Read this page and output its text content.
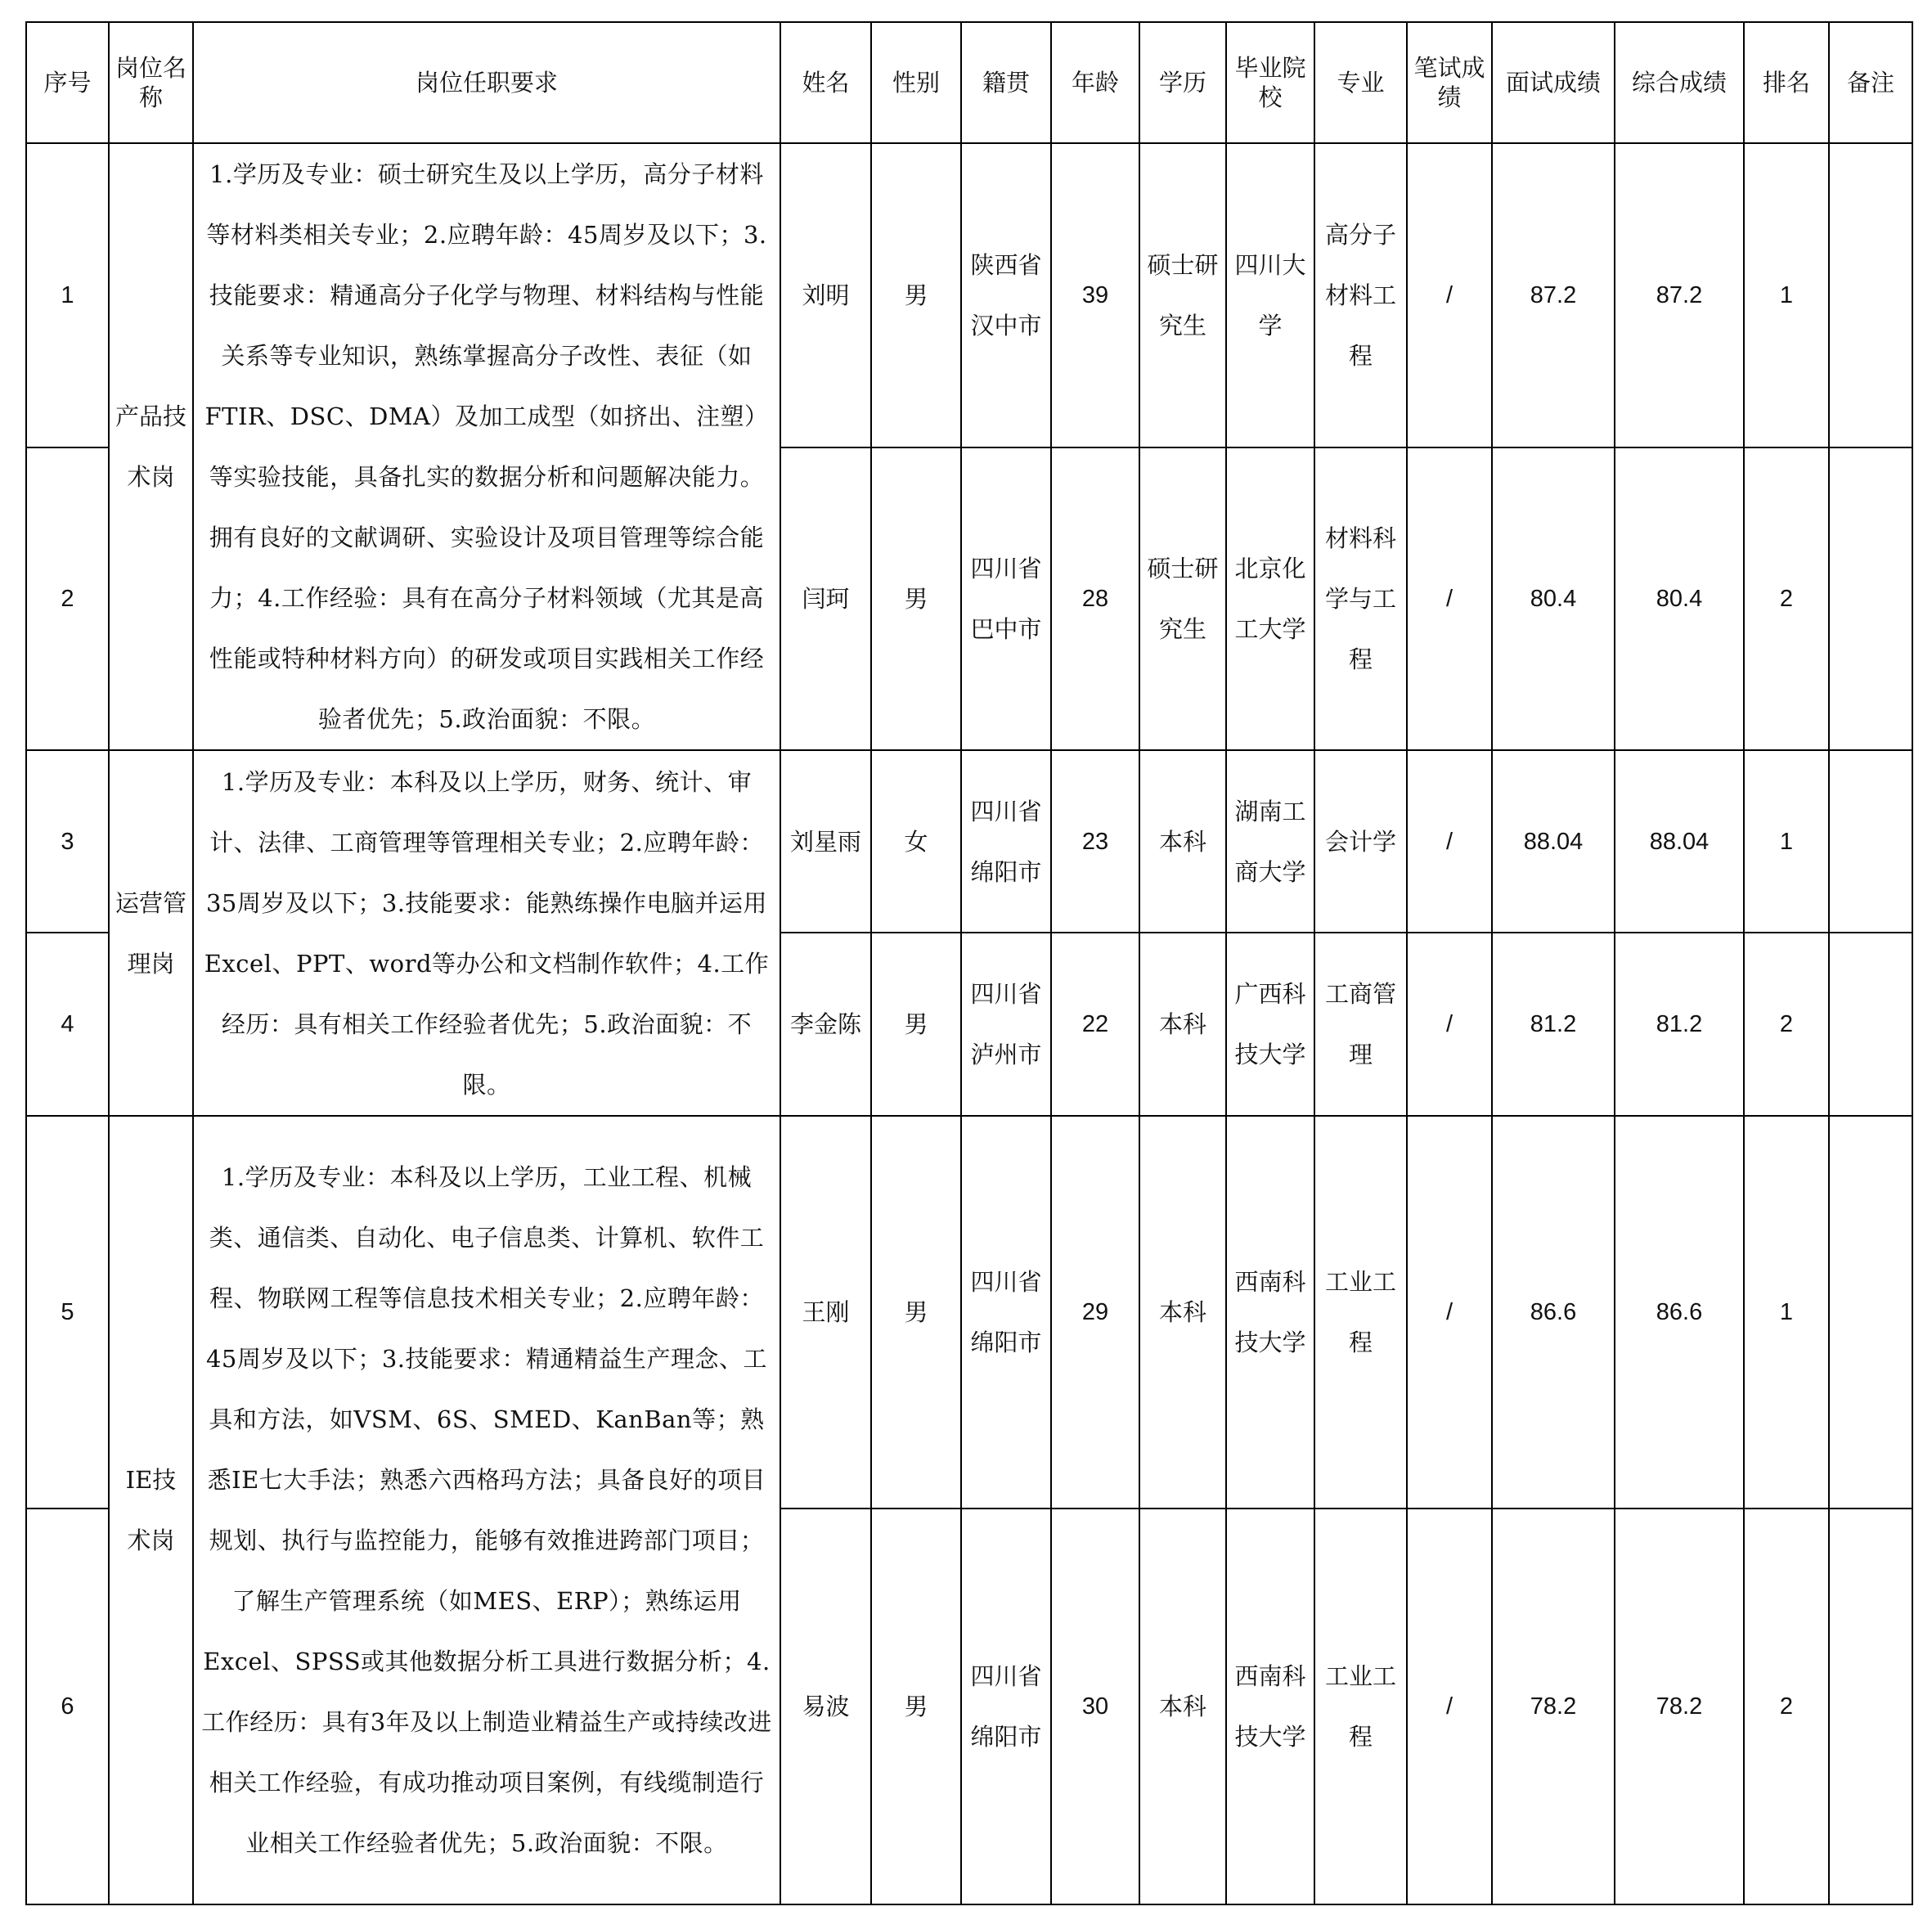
序号	岗位名称	岗位任职要求	姓名	性别	籍贯	年龄	学历	毕业院校	专业	笔试成绩	面试成绩	综合成绩	排名	备注
1	产品技术岗	1.学历及专业：硕士研究生及以上学历，高分子材料等材料类相关专业；2.应聘年龄：45周岁及以下；3.技能要求：精通高分子化学与物理、材料结构与性能关系等专业知识，熟练掌握高分子改性、表征（如FTIR、DSC、DMA）及加工成型（如挤出、注塑）等实验技能，具备扎实的数据分析和问题解决能力。拥有良好的文献调研、实验设计及项目管理等综合能力；4.工作经验：具有在高分子材料领域（尤其是高性能或特种材料方向）的研发或项目实践相关工作经验者优先；5.政治面貌：不限。	刘明	男	陕西省汉中市	39	硕士研究生	四川大学	高分子材料工程	/	87.2	87.2	1	
2			闫珂	男	四川省巴中市	28	硕士研究生	北京化工大学	材料科学与工程	/	80.4	80.4	2	
3	运营管理岗	1.学历及专业：本科及以上学历，财务、统计、审计、法律、工商管理等管理相关专业；2.应聘年龄：35周岁及以下；3.技能要求：能熟练操作电脑并运用Excel、PPT、word等办公和文档制作软件；4.工作经历：具有相关工作经验者优先；5.政治面貌：不限。	刘星雨	女	四川省绵阳市	23	本科	湖南工商大学	会计学	/	88.04	88.04	1	
4			李金陈	男	四川省泸州市	22	本科	广西科技大学	工商管理	/	81.2	81.2	2	
5	IE技术岗	1.学历及专业：本科及以上学历，工业工程、机械类、通信类、自动化、电子信息类、计算机、软件工程、物联网工程等信息技术相关专业；2.应聘年龄：45周岁及以下；3.技能要求：精通精益生产理念、工具和方法，如VSM、6S、SMED、KanBan等；熟悉IE七大手法；熟悉六西格玛方法；具备良好的项目规划、执行与监控能力，能够有效推进跨部门项目；了解生产管理系统（如MES、ERP）；熟练运用Excel、SPSS或其他数据分析工具进行数据分析；4.工作经历：具有3年及以上制造业精益生产或持续改进相关工作经验，有成功推动项目案例，有线缆制造行业相关工作经验者优先；5.政治面貌：不限。	王刚	男	四川省绵阳市	29	本科	西南科技大学	工业工程	/	86.6	86.6	1	
6			易波	男	四川省绵阳市	30	本科	西南科技大学	工业工程	/	78.2	78.2	2	
